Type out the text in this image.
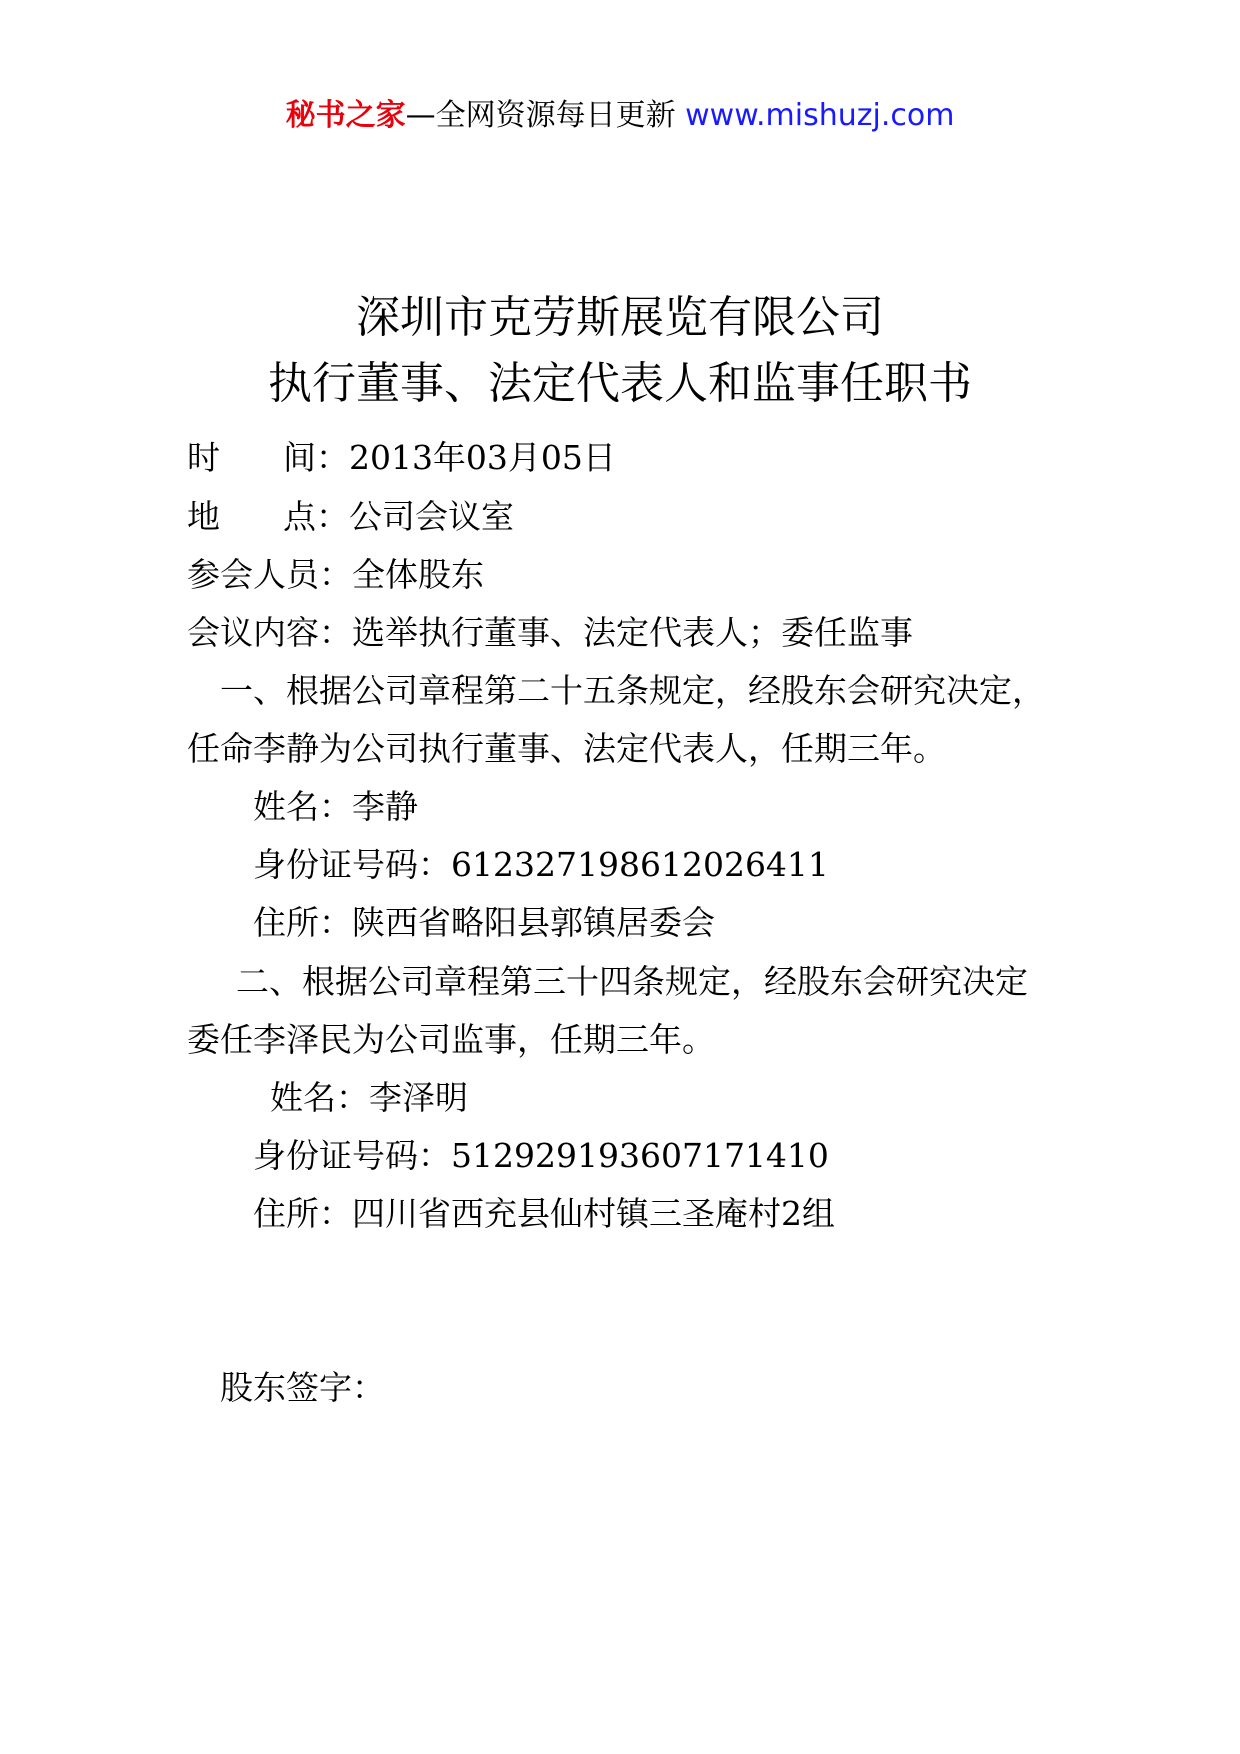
秘书之家—全网资源每日更新 www.mishuzj.com
深圳市克劳斯展览有限公司
执行董事、法定代表人和监事任职书
时      间：2013年03月05日
地      点：公司会议室
参会人员：全体股东
会议内容：选举执行董事、法定代表人；委任监事
一、根据公司章程第二十五条规定，经股东会研究决定，
任命李静为公司执行董事、法定代表人，任期三年。
姓名：李静
身份证号码：612327198612026411
住所：陕西省略阳县郭镇居委会
二、根据公司章程第三十四条规定，经股东会研究决定
委任李泽民为公司监事，任期三年。
姓名：李泽明
身份证号码：512929193607171410
住所：四川省西充县仙村镇三圣庵村2组
股东签字：
